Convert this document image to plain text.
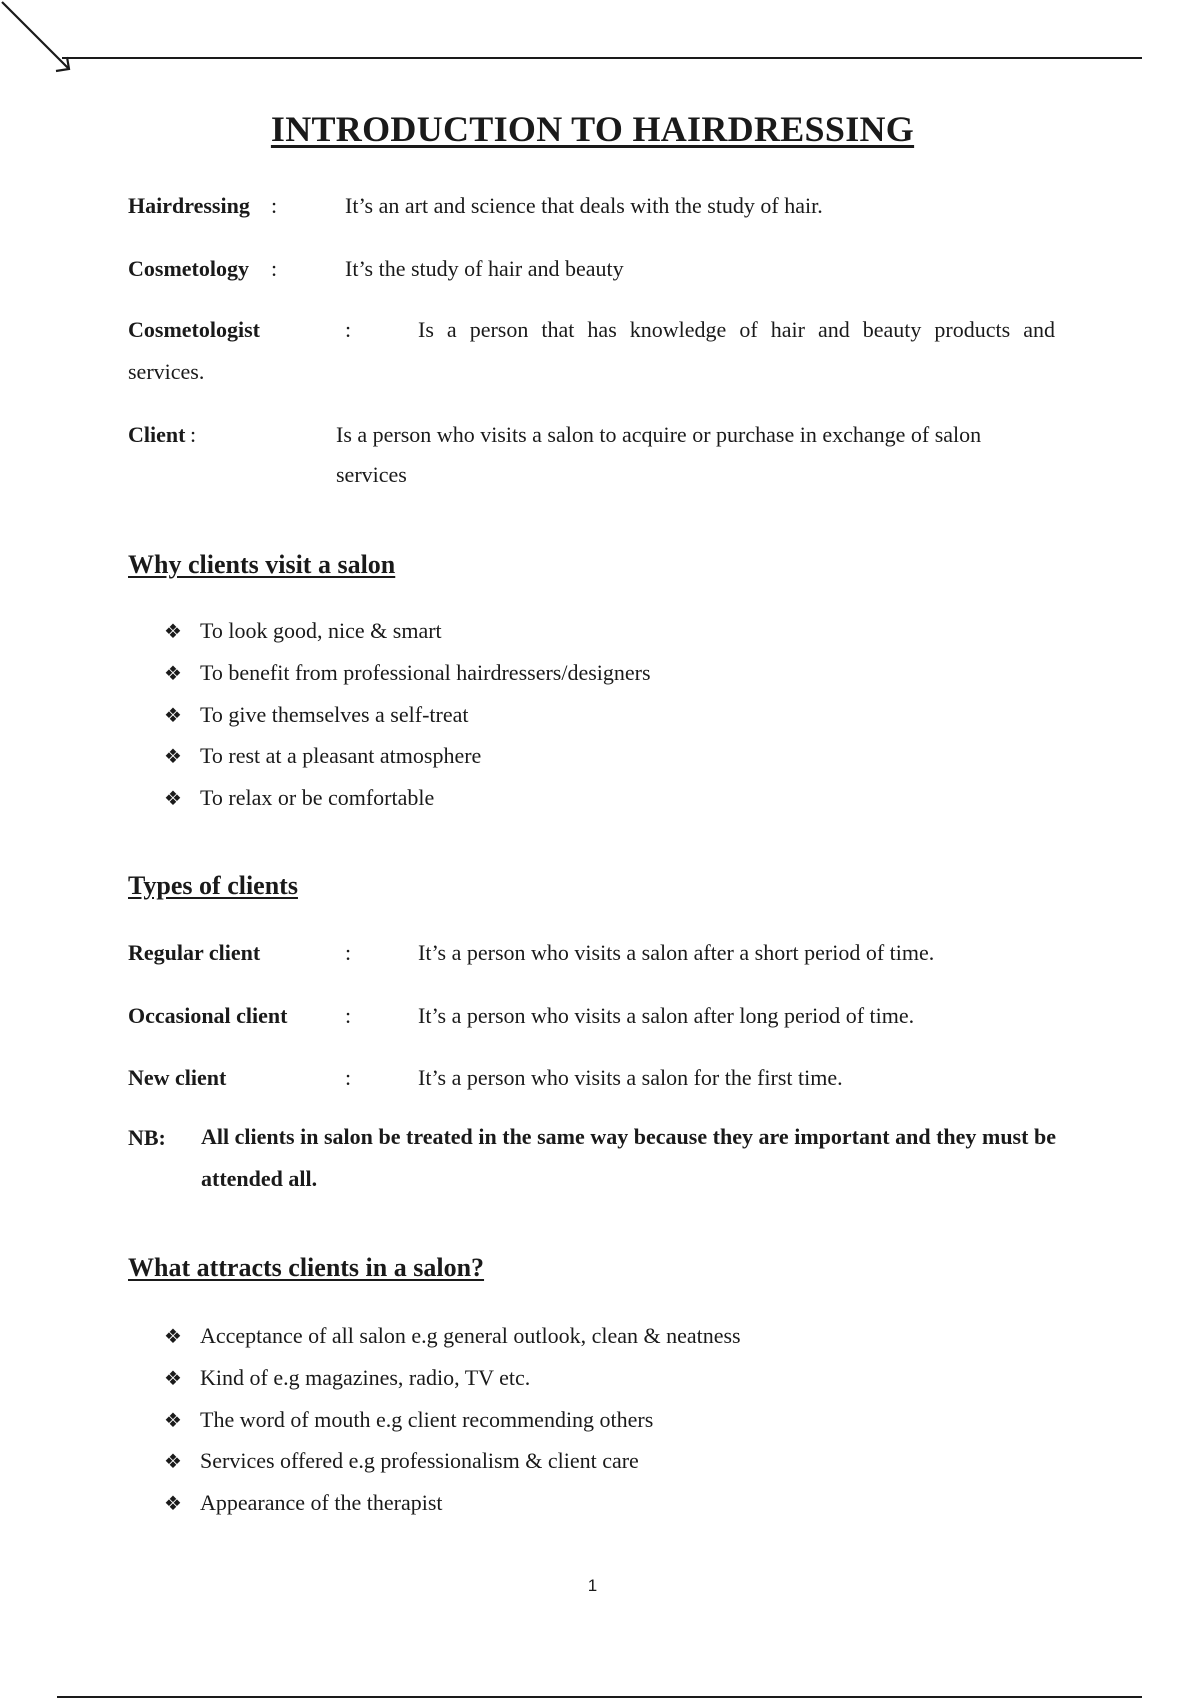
INTRODUCTION TO HAIRDRESSING
Hairdressing :	It’s an art and science that deals with the study of hair.
Cosmetology :	It’s the study of hair and beauty
Cosmetologist	:	Is a person that has knowledge of hair and beauty products and
services.
Client :	Is a person who visits a salon to acquire or purchase in exchange of salon
services
Why clients visit a salon
❖ To look good, nice & smart
❖ To benefit from professional hairdressers/designers
❖ To give themselves a self-treat
❖ To rest at a pleasant atmosphere
❖ To relax or be comfortable
Types of clients
Regular client	:	It’s a person who visits a salon after a short period of time.
Occasional client	:	It’s a person who visits a salon after long period of time.
New client	:	It’s a person who visits a salon for the first time.
NB: All clients in salon be treated in the same way because they are important and they must be attended all.
What attracts clients in a salon?
❖ Acceptance of all salon e.g general outlook, clean & neatness
❖ Kind of e.g magazines, radio, TV etc.
❖ The word of mouth e.g client recommending others
❖ Services offered e.g professionalism & client care
❖ Appearance of the therapist
1
